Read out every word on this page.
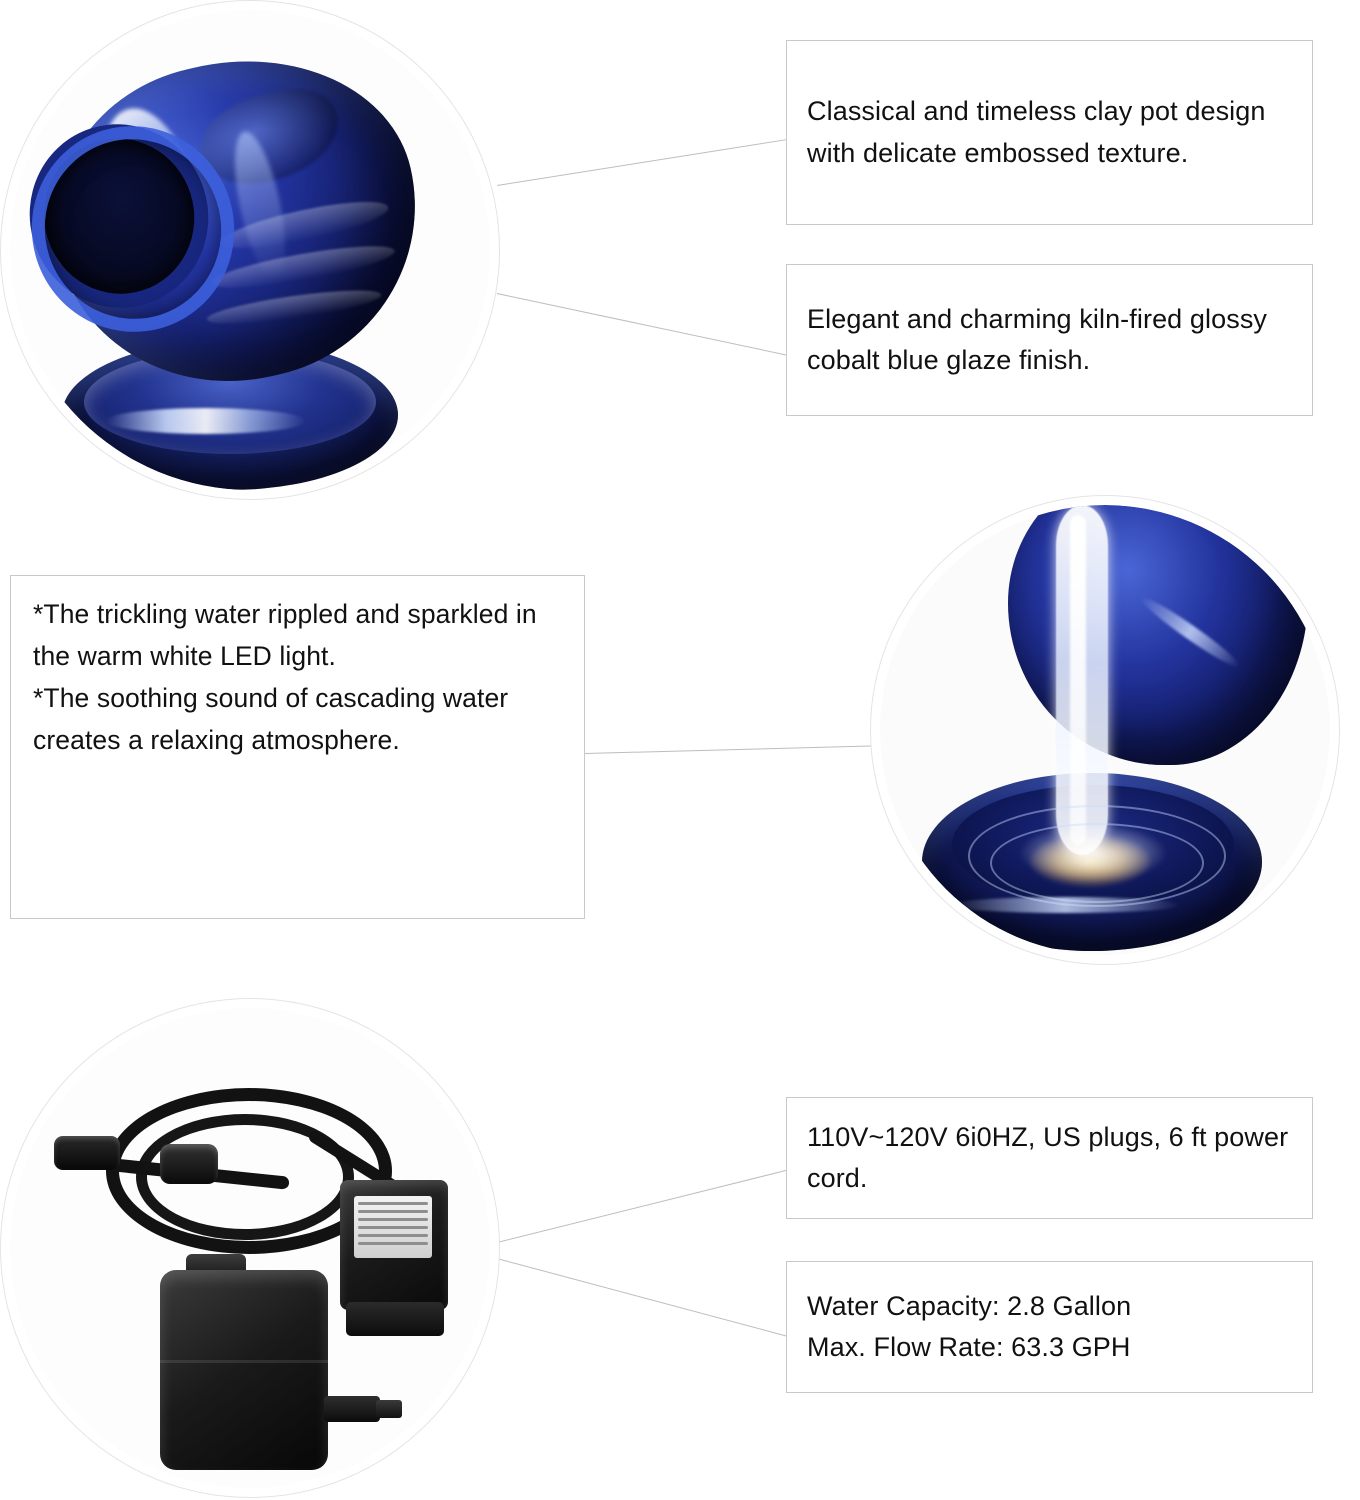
Classical and timeless clay pot design with delicate embossed texture.

Elegant and charming kiln-fired glossy cobalt blue glaze finish.

*The trickling water rippled and sparkled in the warm white LED light.

*The soothing sound of cascading water creates a relaxing atmosphere.

110V~120V 6i0HZ, US plugs, 6 ft power cord.

Water Capacity: 2.8 Gallon

Max. Flow Rate: 63.3 GPH
